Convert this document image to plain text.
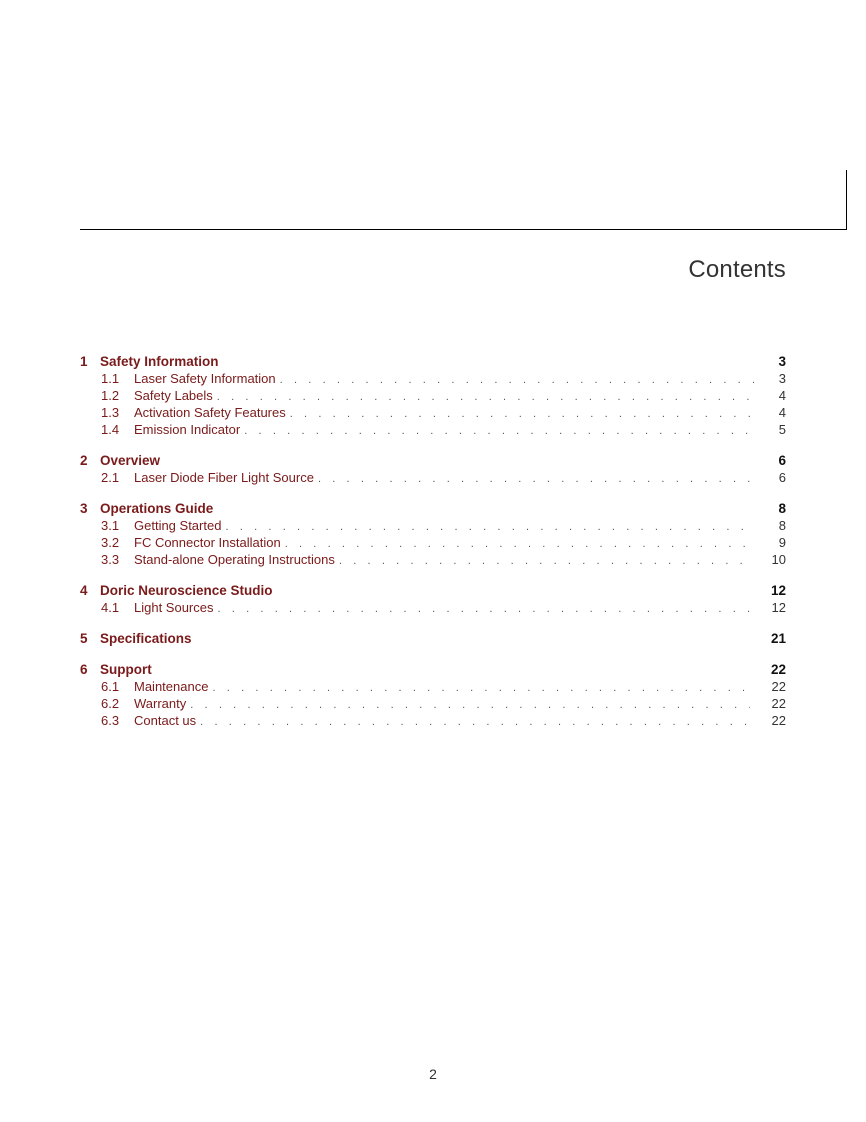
Contents
1 Safety Information	3
1.1	Laser Safety Information . . .	3
1.2	Safety Labels . . .	4
1.3	Activation Safety Features . . .	4
1.4	Emission Indicator . . .	5
2 Overview	6
2.1	Laser Diode Fiber Light Source . . .	6
3 Operations Guide	8
3.1	Getting Started . . .	8
3.2	FC Connector Installation . . .	9
3.3	Stand-alone Operating Instructions . . .	10
4 Doric Neuroscience Studio	12
4.1	Light Sources . . .	12
5 Specifications	21
6 Support	22
6.1	Maintenance . . .	22
6.2	Warranty . . .	22
6.3	Contact us . . .	22
2
